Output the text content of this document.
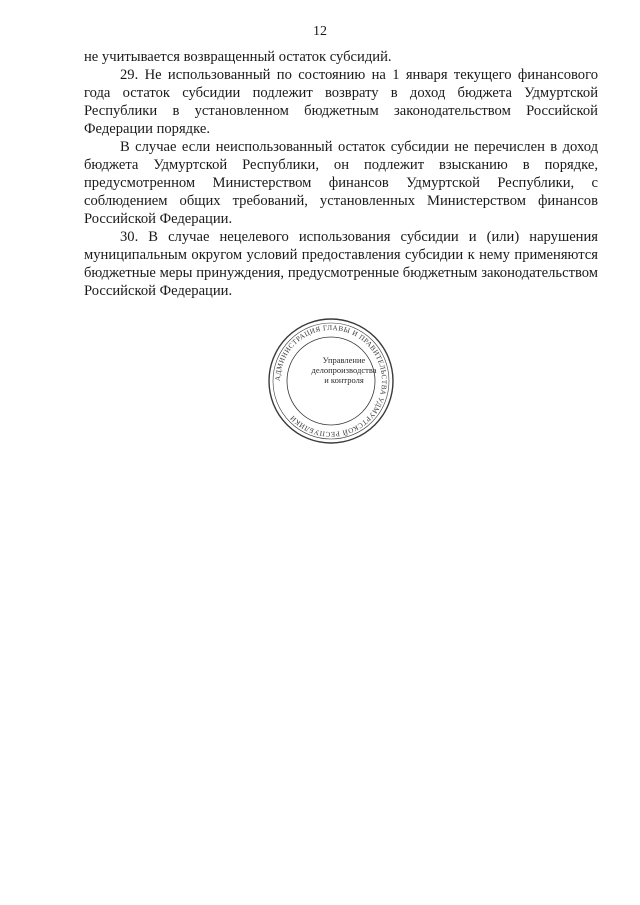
12

не учитывается возвращенный остаток субсидий.

29. Не использованный по состоянию на 1 января текущего финансового года остаток субсидии подлежит возврату в доход бюджета Удмуртской Республики в установленном бюджетным законодательством Российской Федерации порядке.

В случае если неиспользованный остаток субсидии не перечислен в доход бюджета Удмуртской Республики, он подлежит взысканию в порядке, предусмотренном Министерством финансов Удмуртской Республики, с соблюдением общих требований, установленных Министерством финансов Российской Федерации.

30. В случае нецелевого использования субсидии и (или) нарушения муниципальным округом условий предоставления субсидии к нему применяются бюджетные меры принуждения, предусмотренные бюджетным законодательством Российской Федерации.

АДМИНИСТРАЦИЯ ГЛАВЫ И ПРАВИТЕЛЬСТВА УДМУРТСКОЙ РЕСПУБЛИКИ
Управление
делопроизводства
и контроля
